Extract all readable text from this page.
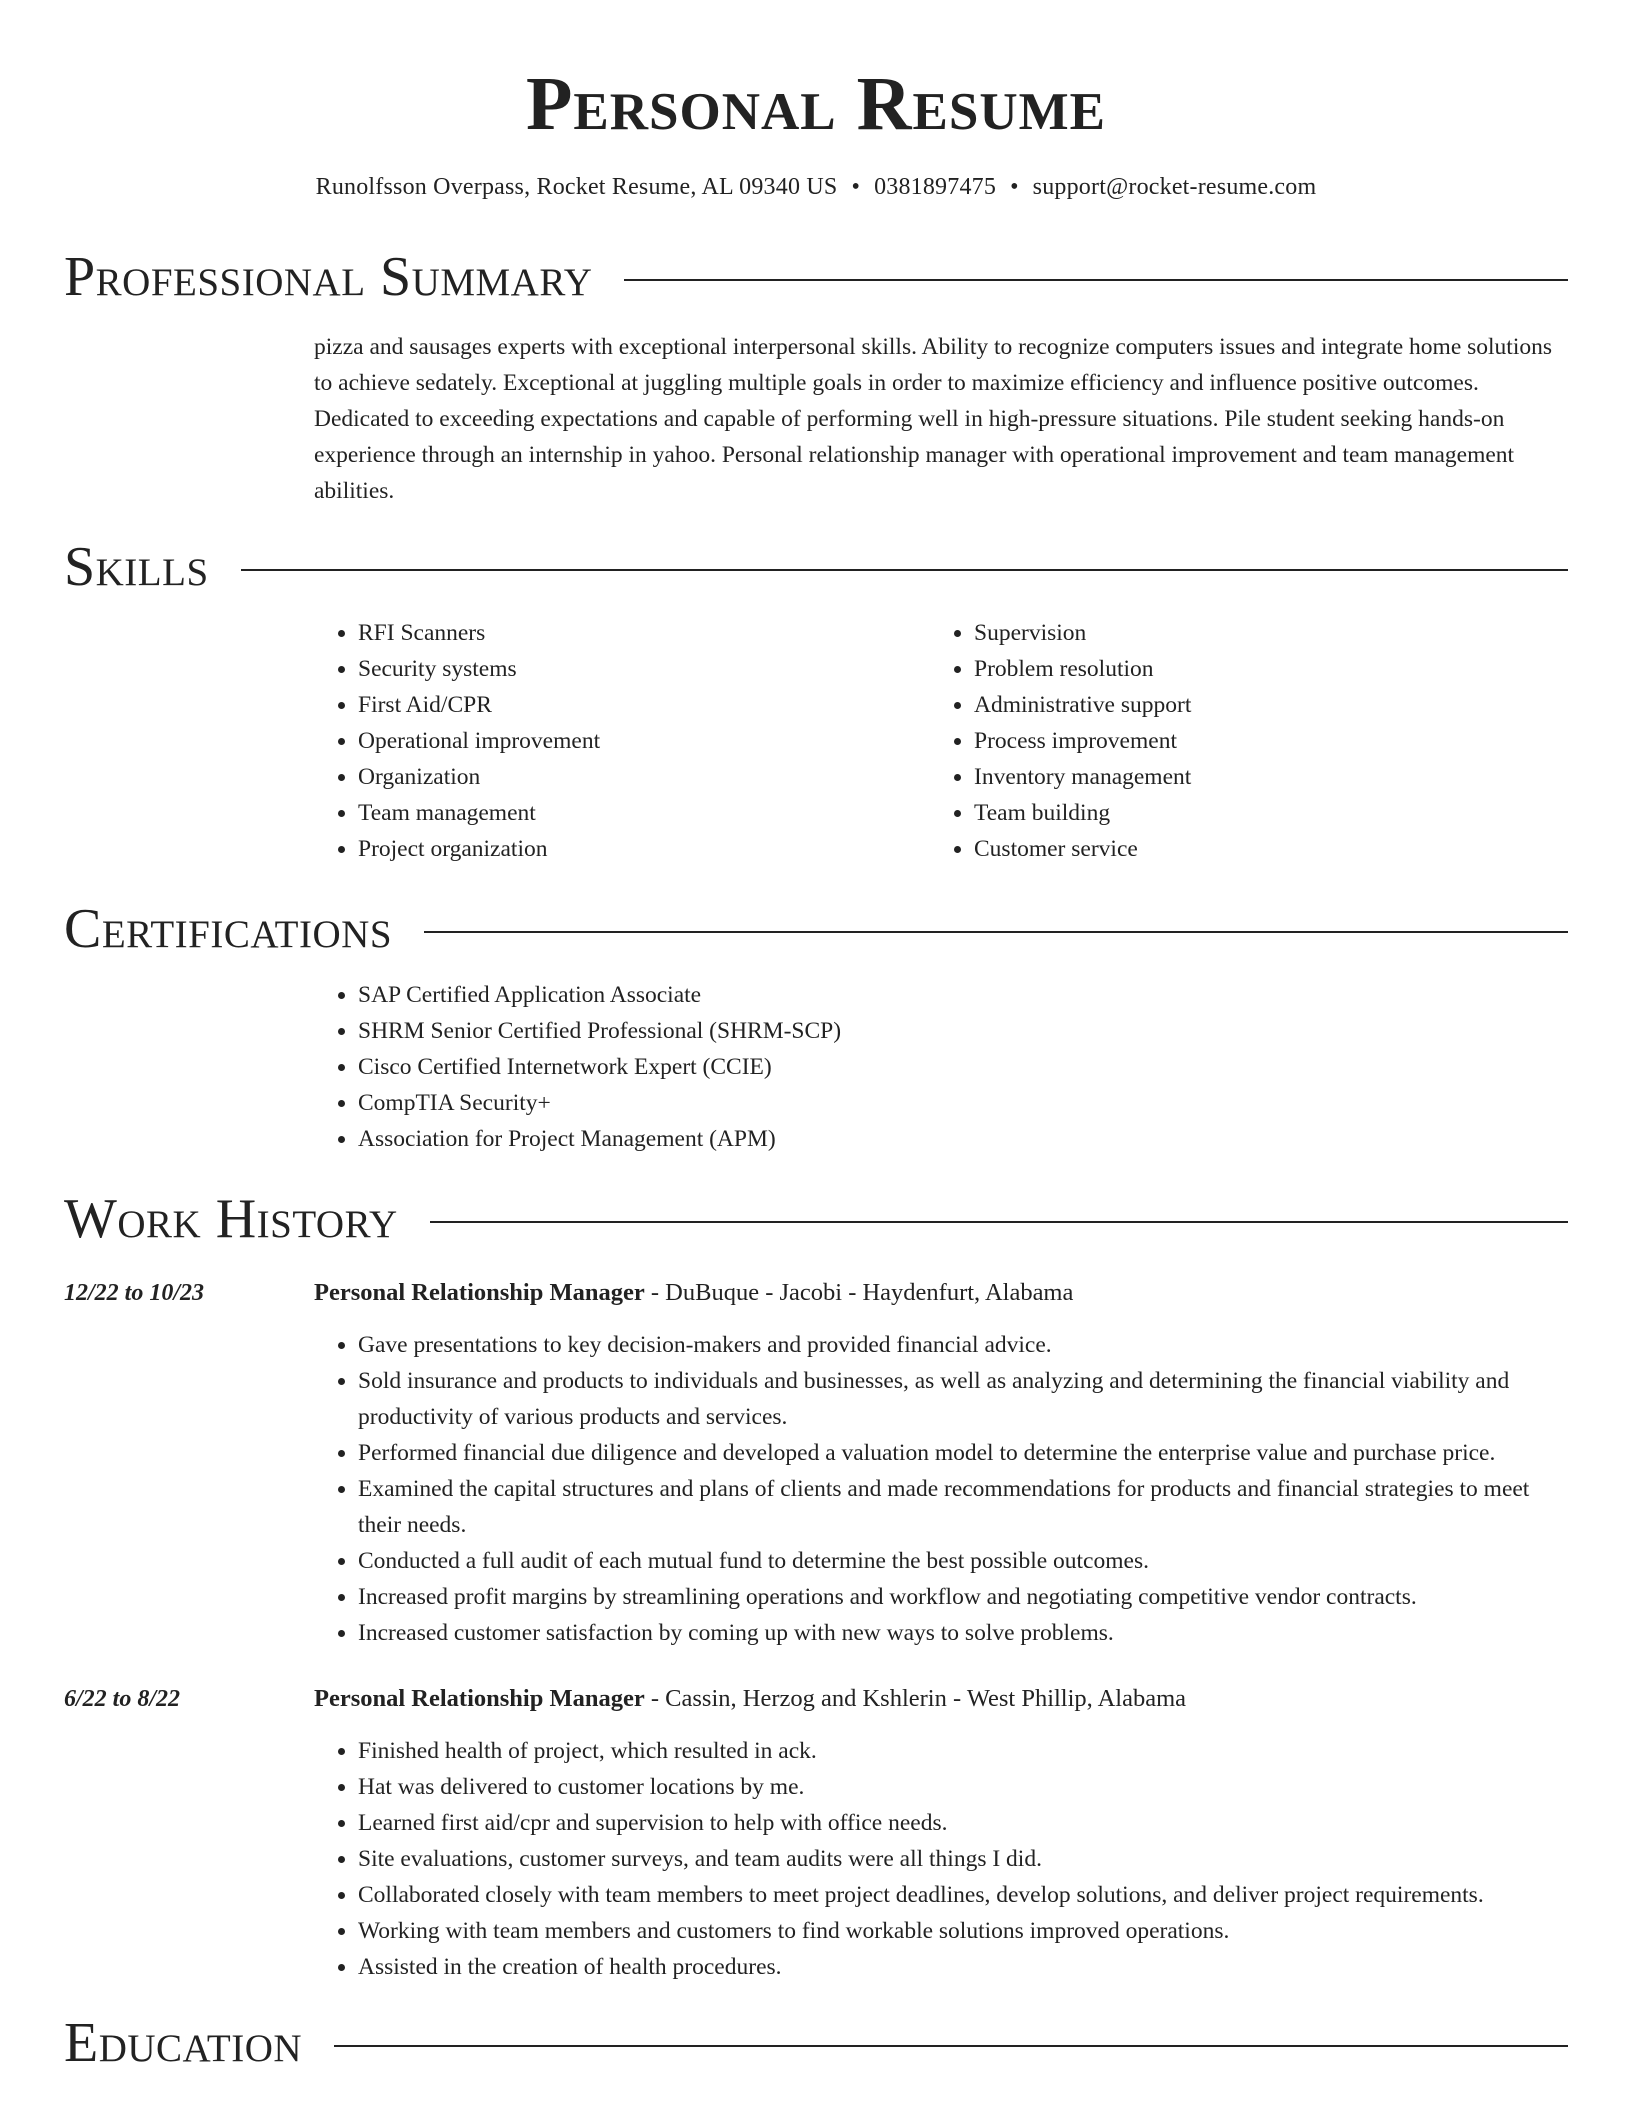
Personal Resume
Runolfsson Overpass, Rocket Resume, AL 09340 US • 0381897475 • support@rocket-resume.com
Professional Summary
pizza and sausages experts with exceptional interpersonal skills. Ability to recognize computers issues and integrate home solutions to achieve sedately. Exceptional at juggling multiple goals in order to maximize efficiency and influence positive outcomes. Dedicated to exceeding expectations and capable of performing well in high-pressure situations. Pile student seeking hands-on experience through an internship in yahoo. Personal relationship manager with operational improvement and team management abilities.
Skills
• RFI Scanners
• Security systems
• First Aid/CPR
• Operational improvement
• Organization
• Team management
• Project organization
• Supervision
• Problem resolution
• Administrative support
• Process improvement
• Inventory management
• Team building
• Customer service
Certifications
• SAP Certified Application Associate
• SHRM Senior Certified Professional (SHRM-SCP)
• Cisco Certified Internetwork Expert (CCIE)
• CompTIA Security+
• Association for Project Management (APM)
Work History
12/22 to 10/23	Personal Relationship Manager - DuBuque - Jacobi - Haydenfurt, Alabama
• Gave presentations to key decision-makers and provided financial advice.
• Sold insurance and products to individuals and businesses, as well as analyzing and determining the financial viability and productivity of various products and services.
• Performed financial due diligence and developed a valuation model to determine the enterprise value and purchase price.
• Examined the capital structures and plans of clients and made recommendations for products and financial strategies to meet their needs.
• Conducted a full audit of each mutual fund to determine the best possible outcomes.
• Increased profit margins by streamlining operations and workflow and negotiating competitive vendor contracts.
• Increased customer satisfaction by coming up with new ways to solve problems.
6/22 to 8/22	Personal Relationship Manager - Cassin, Herzog and Kshlerin - West Phillip, Alabama
• Finished health of project, which resulted in ack.
• Hat was delivered to customer locations by me.
• Learned first aid/cpr and supervision to help with office needs.
• Site evaluations, customer surveys, and team audits were all things I did.
• Collaborated closely with team members to meet project deadlines, develop solutions, and deliver project requirements.
• Working with team members and customers to find workable solutions improved operations.
• Assisted in the creation of health procedures.
Education
